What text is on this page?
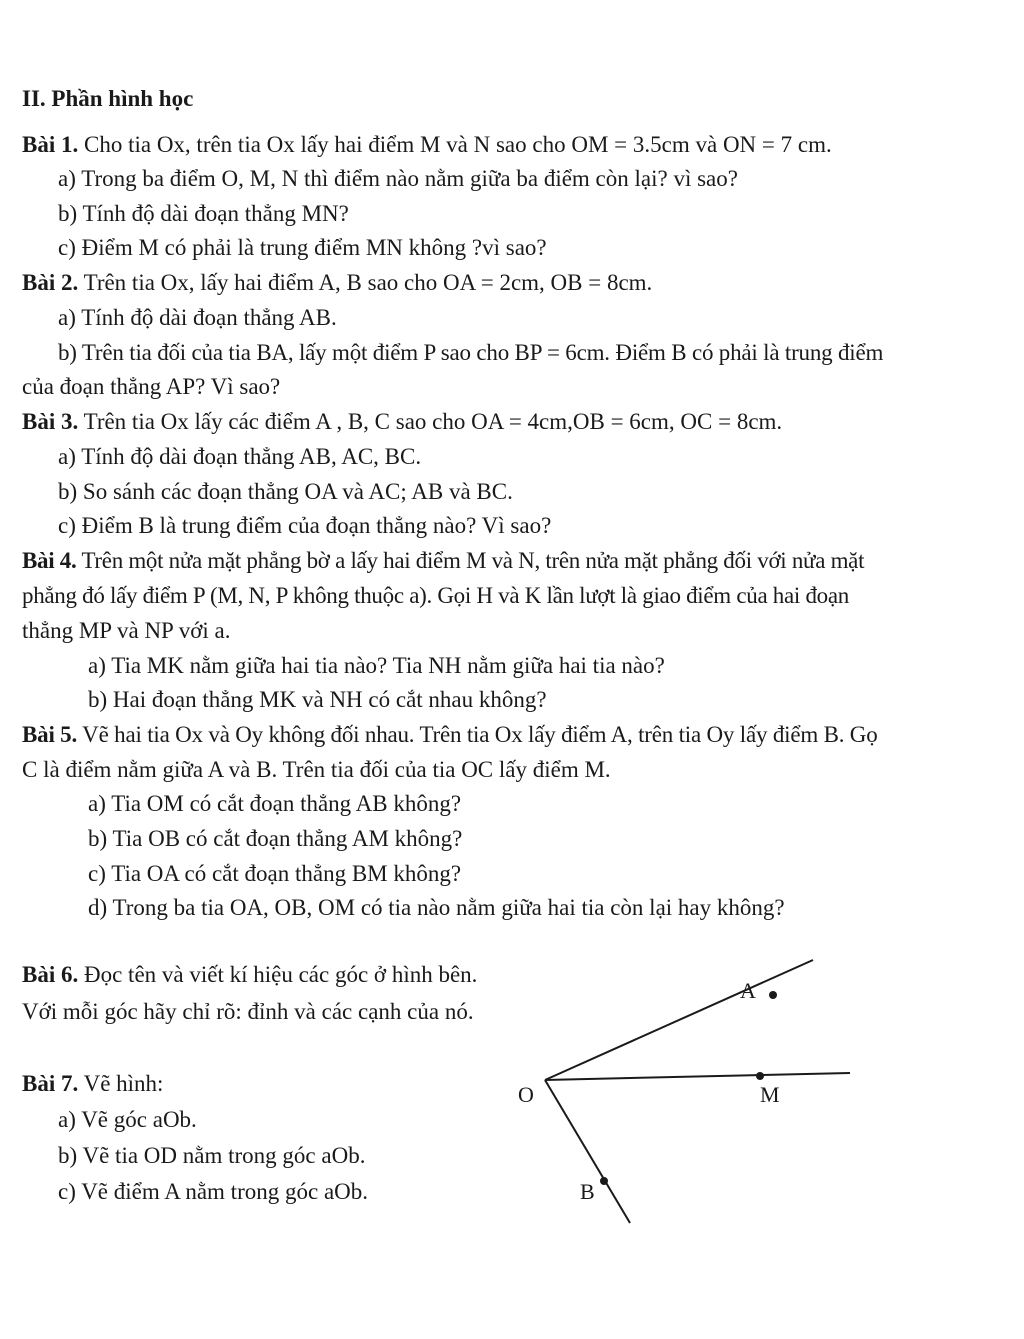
II. Phần hình học
Bài 1. Cho tia Ox, trên tia Ox lấy hai điểm M và N sao cho OM = 3.5cm và ON = 7 cm.
a) Trong ba điểm O, M, N thì điểm nào nằm giữa ba điểm còn lại? vì sao?
b) Tính độ dài đoạn thẳng MN?
c) Điểm M có phải là trung điểm MN không ?vì sao?
Bài 2. Trên tia Ox, lấy hai điểm A, B sao cho OA = 2cm, OB = 8cm.
a) Tính độ dài đoạn thẳng AB.
b) Trên tia đối của tia BA, lấy một điểm P sao cho BP = 6cm. Điểm B có phải là trung điểm
của đoạn thẳng AP? Vì sao?
Bài 3. Trên tia Ox lấy các điểm A , B, C sao cho OA = 4cm,OB = 6cm, OC = 8cm.
a) Tính độ dài đoạn thẳng AB, AC, BC.
b) So sánh các đoạn thẳng OA và AC; AB và BC.
c) Điểm B là trung điểm của đoạn thẳng nào? Vì sao?
Bài 4. Trên một nửa mặt phẳng bờ a lấy hai điểm M và N, trên nửa mặt phẳng đối với nửa mặt
phẳng đó lấy điểm P (M, N, P không thuộc a). Gọi H và K lần lượt là giao điểm của hai đoạn
thẳng MP và NP với a.
a) Tia MK nằm giữa hai tia nào? Tia NH nằm giữa hai tia nào?
b) Hai đoạn thẳng MK và NH có cắt nhau không?
Bài 5. Vẽ hai tia Ox và Oy không đối nhau. Trên tia Ox lấy điểm A, trên tia Oy lấy điểm B. Gọ
C là điểm nằm giữa A và B. Trên tia đối của tia OC lấy điểm M.
a) Tia OM có cắt đoạn thẳng AB không?
b) Tia OB có cắt đoạn thẳng AM không?
c) Tia OA có cắt đoạn thẳng BM không?
d) Trong ba tia OA, OB, OM có tia nào nằm giữa hai tia còn lại hay không?
Bài 6. Đọc tên và viết kí hiệu các góc ở hình bên.
Với mỗi góc hãy chỉ rõ: đỉnh và các cạnh của nó.
Bài 7. Vẽ hình:
a) Vẽ góc aOb.
b) Vẽ tia OD nằm trong góc aOb.
c) Vẽ điểm A nằm trong góc aOb.
A
O	M
B
